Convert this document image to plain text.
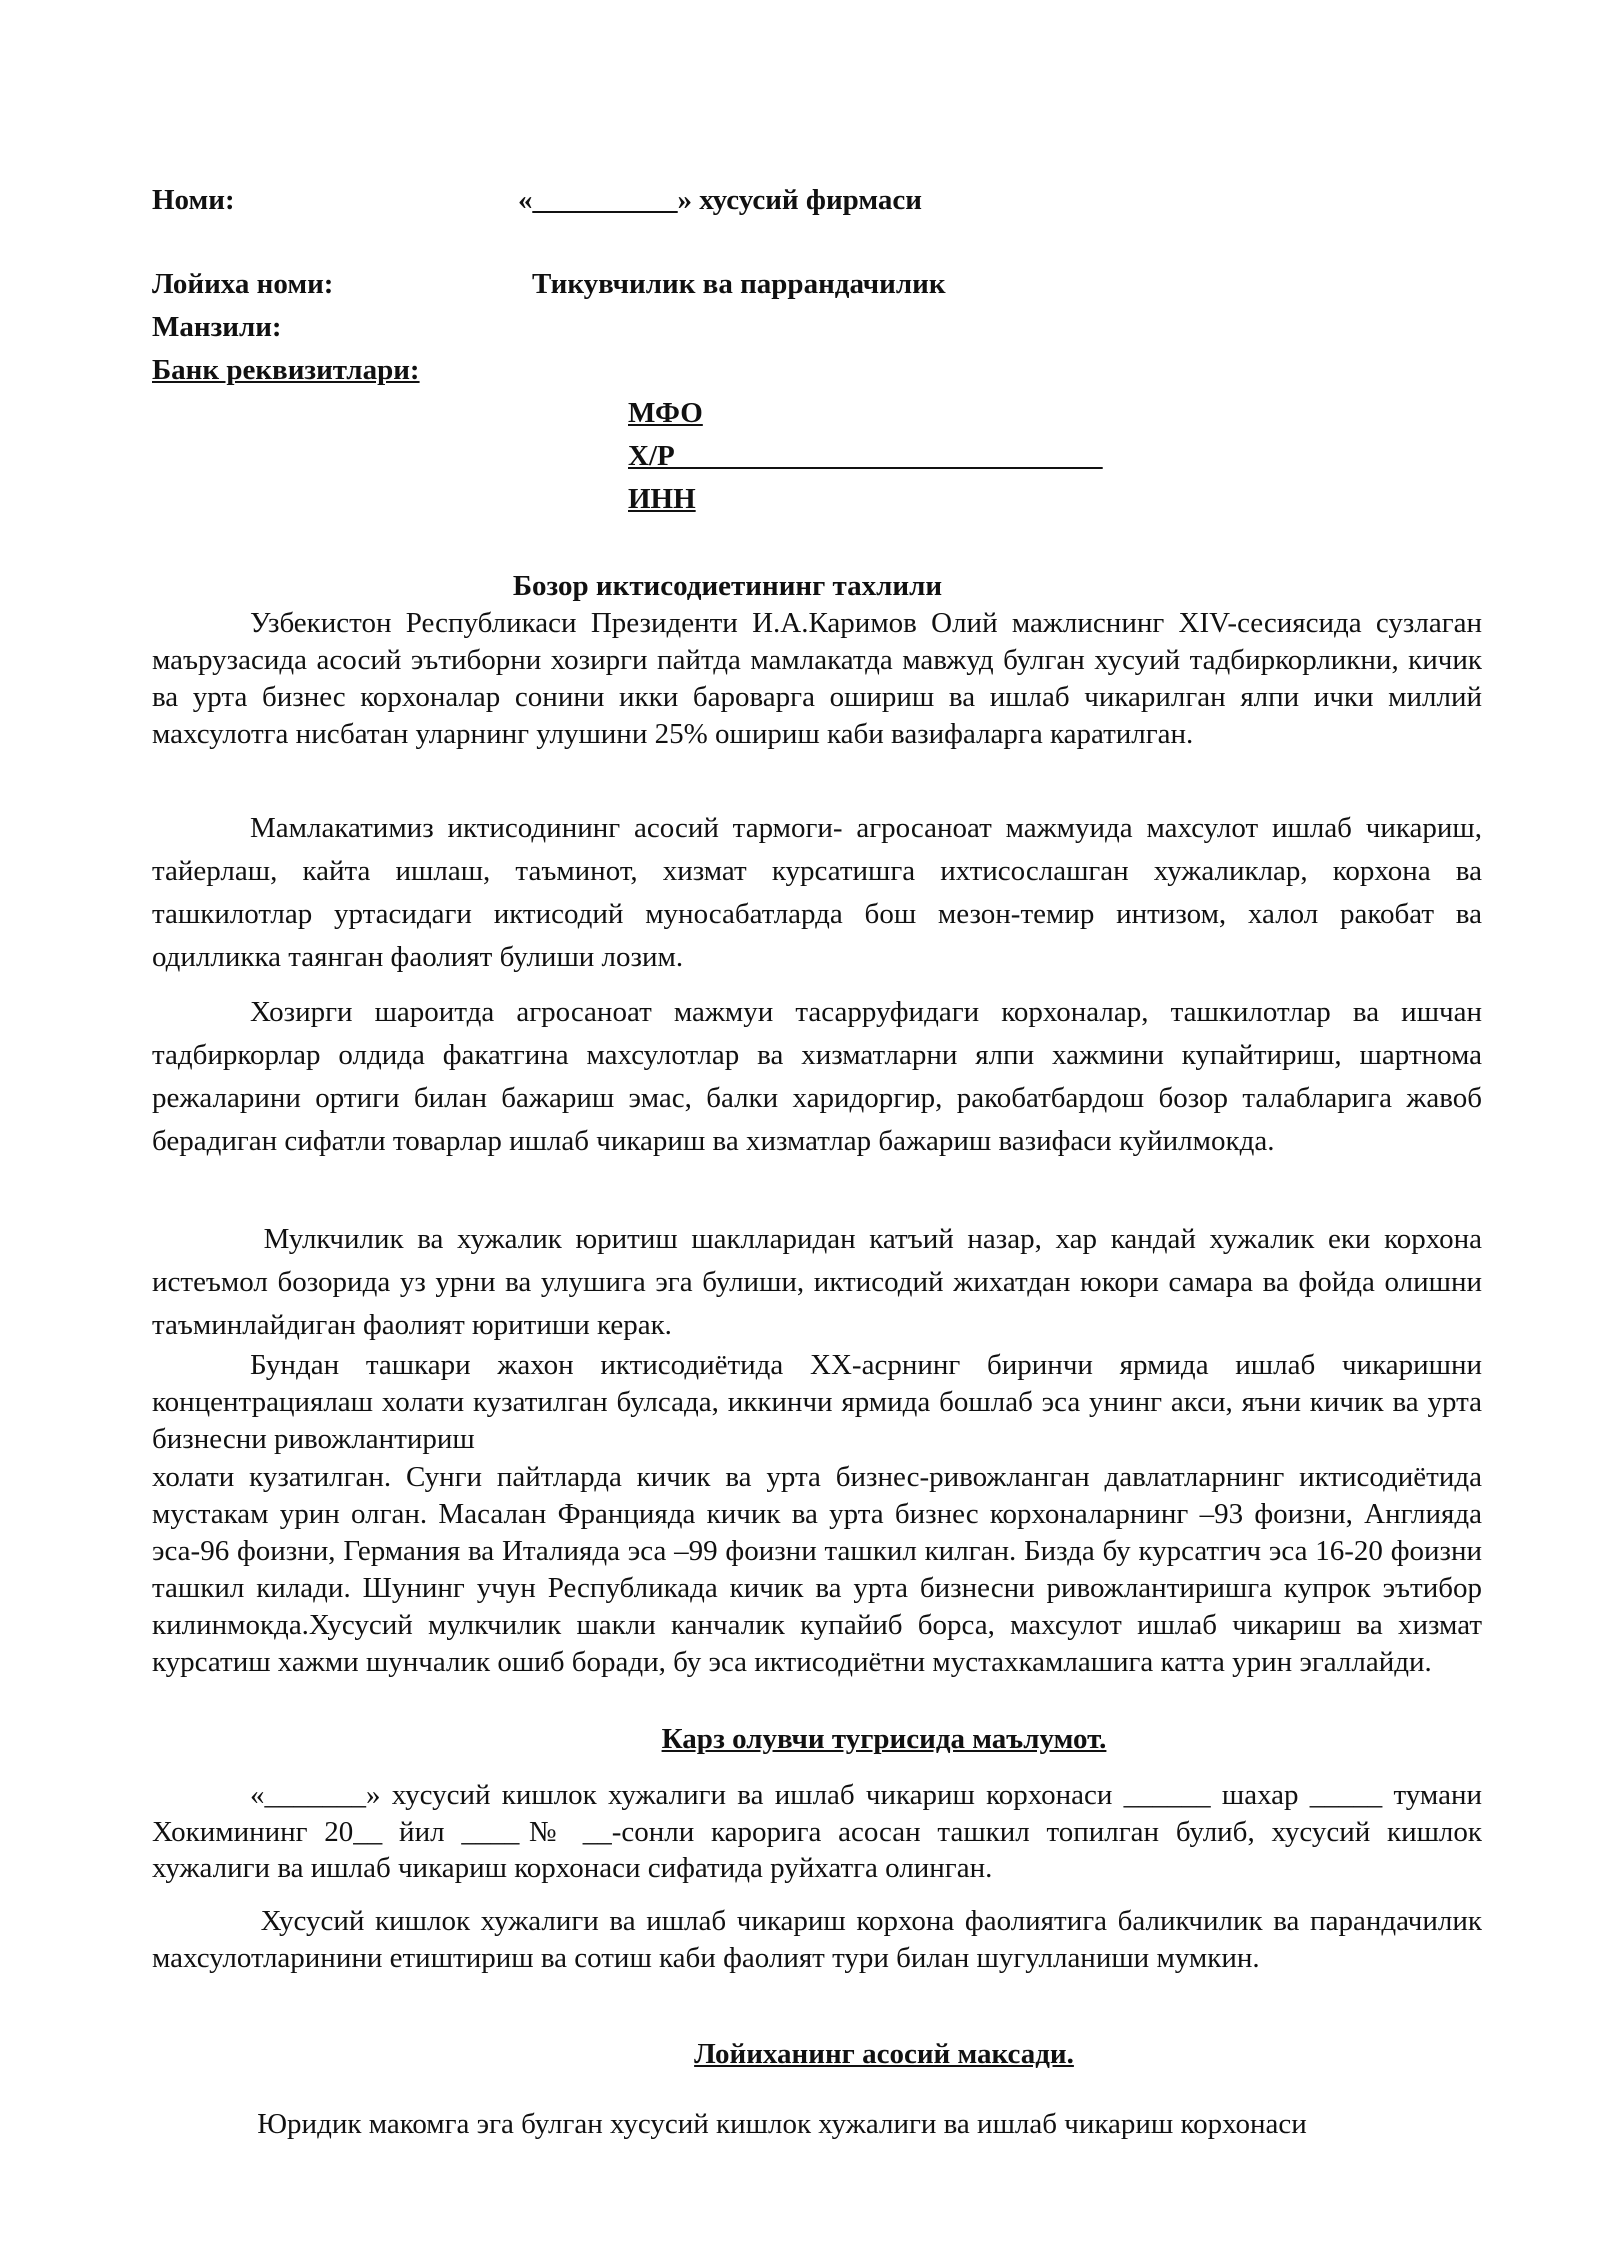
Номи:	«__________» хусусий фирмаси
Лойиха номи:	Тикувчилик ва паррандачилик
Манзили:
Банк реквизитлари:
МФО
Х/Р _____________________________
ИНН
Бозор иктисодиетининг тахлили
Узбекистон Республикаси Президенти И.А.Каримов Олий мажлиснинг XIV-сесиясида сузлаган маърузасида асосий эътиборни хозирги пайтда мамлакатда мавжуд булган хусуий тадбиркорликни, кичик ва урта бизнес корхоналар сонини икки бароварга ошириш ва ишлаб чикарилган ялпи ички миллий махсулотга нисбатан уларнинг улушини 25% ошириш каби вазифаларга каратилган.
Мамлакатимиз иктисодининг асосий тармоги- агросаноат мажмуида махсулот ишлаб чикариш, тайерлаш, кайта ишлаш, таъминот, хизмат курсатишга ихтисослашган хужаликлар, корхона ва ташкилотлар уртасидаги иктисодий муносабатларда бош мезон-темир интизом, халол ракобат ва одилликка таянган фаолият булиши лозим.
Хозирги шароитда агросаноат мажмуи тасарруфидаги корхоналар, ташкилотлар ва ишчан тадбиркорлар олдида факатгина махсулотлар ва хизматларни ялпи хажмини купайтириш, шартнома режаларини ортиги билан бажариш эмас, балки харидоргир, ракобатбардош бозор талабларига жавоб берадиган сифатли товарлар ишлаб чикариш ва хизматлар бажариш вазифаси куйилмокда.
Мулкчилик ва хужалик юритиш шаклларидан катъий назар, хар кандай хужалик еки корхона истеъмол бозорида уз урни ва улушига эга булиши, иктисодий жихатдан юкори самара ва фойда олишни таъминлайдиган фаолият юритиши керак.
Бундан ташкари жахон иктисодиётида XX-асрнинг биринчи ярмида ишлаб чикаришни концентрациялаш холати кузатилган булсада, иккинчи ярмида бошлаб эса унинг акси, яъни кичик ва урта бизнесни ривожлантириш
холати кузатилган. Сунги пайтларда кичик ва урта бизнес-ривожланган давлатларнинг иктисодиётида мустакам урин олган. Масалан Францияда кичик ва урта бизнес корхоналарнинг –93 фоизни, Англияда эса-96 фоизни, Германия ва Италияда эса –99 фоизни ташкил килган. Бизда бу курсатгич эса 16-20 фоизни ташкил килади. Шунинг учун Республикада кичик ва урта бизнесни ривожлантиришга купрок эътибор килинмокда.Хусусий мулкчилик шакли канчалик купайиб борса, махсулот ишлаб чикариш ва хизмат курсатиш хажми шунчалик ошиб боради, бу эса иктисодиётни мустахкамлашига катта урин эгаллайди.
Карз олувчи тугрисида маълумот.
«_______» хусусий кишлок хужалиги ва ишлаб чикариш корхонаси ______ шахар _____ тумани Хокимининг 20__ йил ____№ __-сонли карорига асосан ташкил топилган булиб, хусусий кишлок хужалиги ва ишлаб чикариш корхонаси сифатида руйхатга олинган.
Хусусий кишлок хужалиги ва ишлаб чикариш корхона фаолиятига баликчилик ва парандачилик махсулотларинини етиштириш ва сотиш каби фаолият тури билан шугулланиши мумкин.
Лойиханинг асосий максади.
Юридик макомга эга булган хусусий кишлок хужалиги ва ишлаб чикариш корхонаси
